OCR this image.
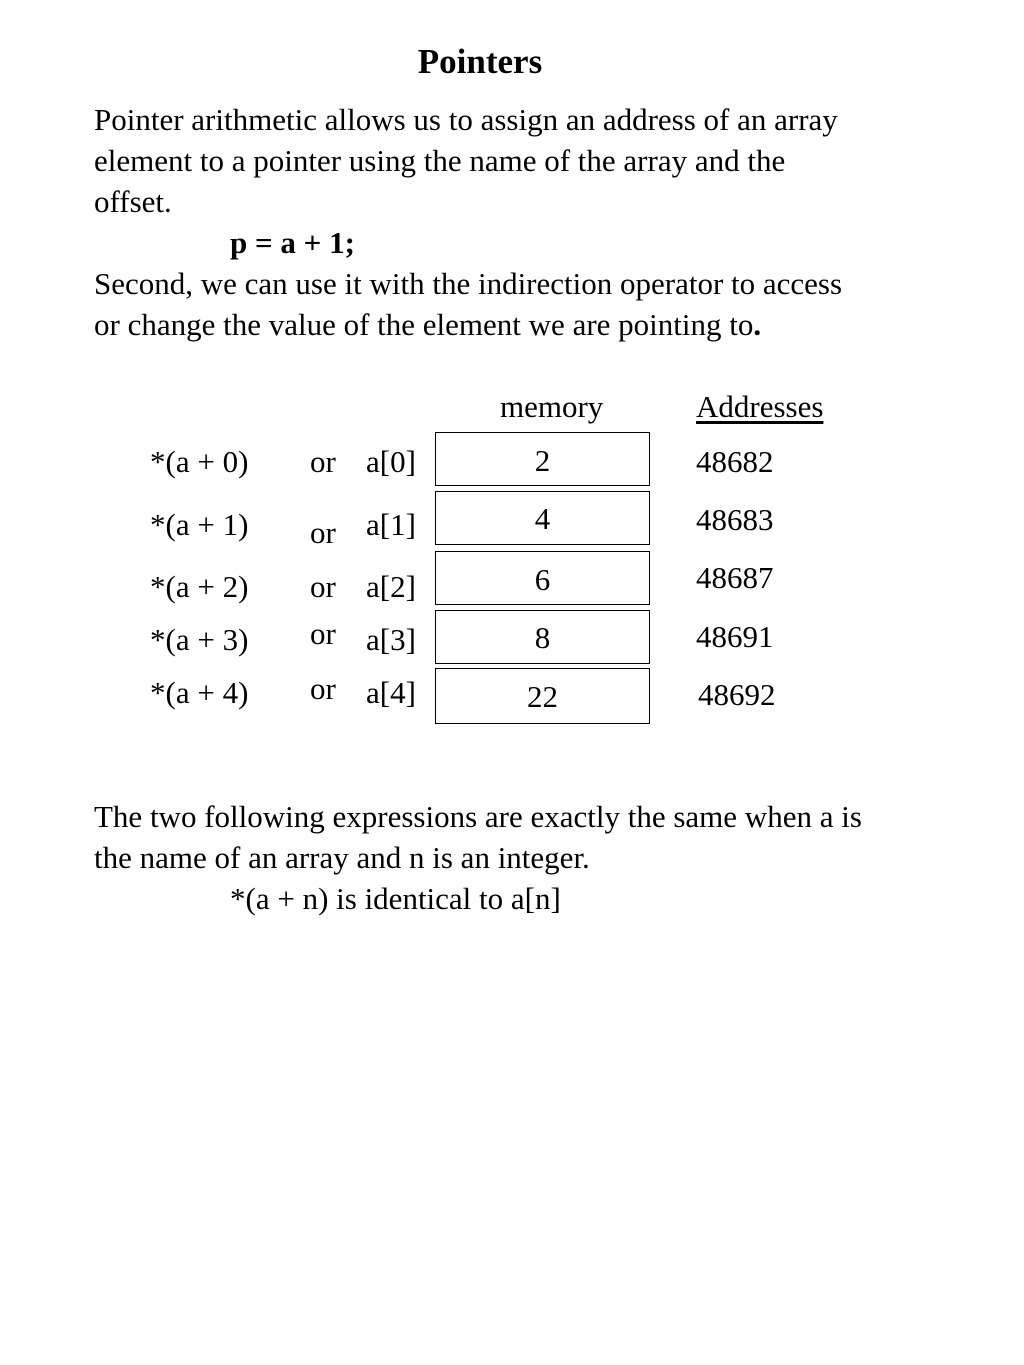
Pointers
Pointer arithmetic allows us to assign an address of an array
element to a pointer using the name of the array and the
offset.
p = a + 1;
Second, we can use it with the indirection operator to access
or change the value of the element we are pointing to.
memory	Addresses
*(a + 0) or a[0]	2	48682
*(a + 1) or a[1]	4	48683
*(a + 2) or a[2]	6	48687
*(a + 3) or a[3]	8	48691
*(a + 4) or a[4]	22	48692
The two following expressions are exactly the same when a is
the name of an array and n is an integer.
*(a + n) is identical to a[n]
